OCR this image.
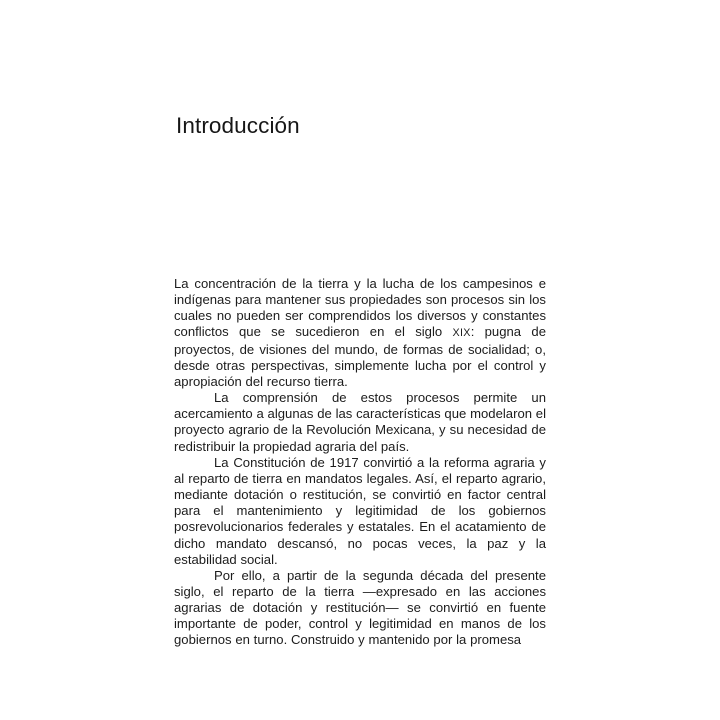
Introducción

La concentración de la tierra y la lucha de los campesinos e indígenas para mantener sus propiedades son procesos sin los cuales no pueden ser comprendidos los diversos y constantes conflictos que se sucedieron en el siglo XIX: pugna de proyectos, de visiones del mundo, de formas de socialidad; o, desde otras perspectivas, simplemente lucha por el control y apropiación del recurso tierra.

La comprensión de estos procesos permite un acercamiento a algunas de las características que modelaron el proyecto agrario de la Revolución Mexicana, y su necesidad de redistribuir la propiedad agraria del país.

La Constitución de 1917 convirtió a la reforma agraria y al reparto de tierra en mandatos legales. Así, el reparto agrario, mediante dotación o restitución, se convirtió en factor central para el mantenimiento y legitimidad de los gobiernos posrevolucionarios federales y estatales. En el acatamiento de dicho mandato descansó, no pocas veces, la paz y la estabilidad social.

Por ello, a partir de la segunda década del presente siglo, el reparto de la tierra —expresado en las acciones agrarias de dotación y restitución— se convirtió en fuente importante de poder, control y legitimidad en manos de los gobiernos en turno. Construido y mantenido por la promesa
